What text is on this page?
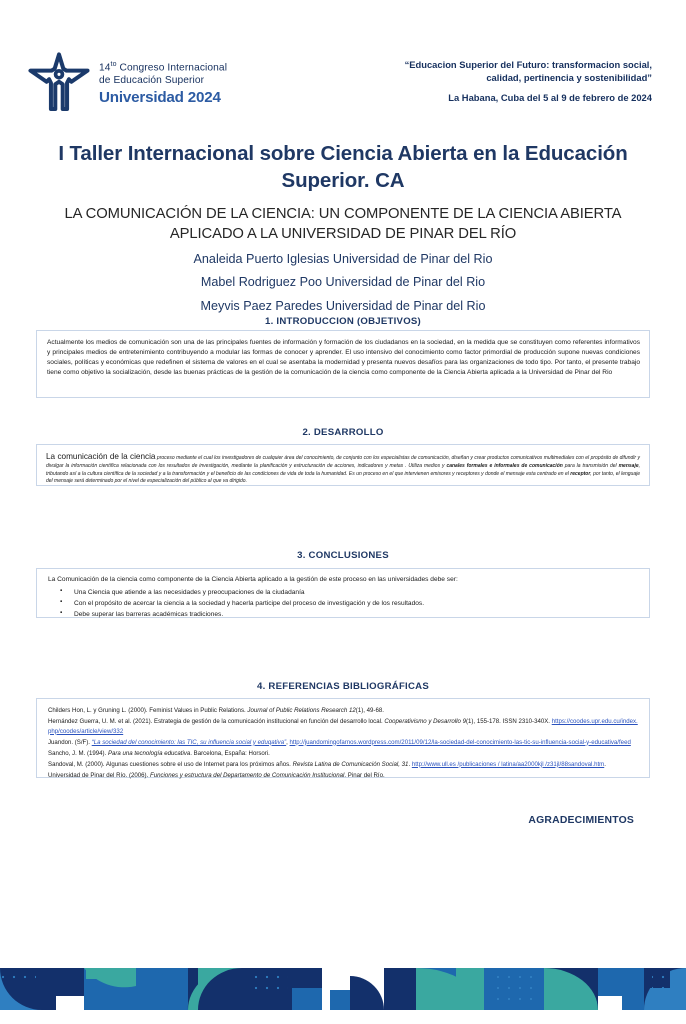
$14^{to}$ Congreso Internacional
de Educación Superior
Universidad 2024
“Educacion Superior del Futuro: transformacion social,
calidad, pertinencia y sostenibilidad”
La Habana, Cuba del 5 al 9 de febrero de 2024
I Taller Internacional sobre Ciencia Abierta en la Educación Superior. CA
LA COMUNICACIÓN DE LA CIENCIA: UN COMPONENTE DE LA CIENCIA ABIERTA APLICADO A LA UNIVERSIDAD DE PINAR DEL RÍO
Analeida Puerto Iglesias Universidad de Pinar del Rio
Mabel Rodriguez Poo Universidad de Pinar del Rio
Meyvis Paez Paredes Universidad de Pinar del Rio
1. INTRODUCCION (OBJETIVOS)
Actualmente los medios de comunicación son una de las principales fuentes de información y formación de los ciudadanos en la sociedad, en la medida que se constituyen como referentes informativos y principales medios de entretenimiento contribuyendo a modular las formas de conocer y aprender. El uso intensivo del conocimiento como factor primordial de producción supone nuevas condiciones sociales, políticas y económicas que redefinen el sistema de valores en el cual se asentaba la modernidad y presenta nuevos desafíos para las organizaciones de todo tipo. Por tanto, el presente trabajo tiene como objetivo la socialización, desde las buenas prácticas de la gestión de la comunicación de la ciencia como componente de la Ciencia Abierta aplicada a la Universidad de Pinar del Rio
2. DESARROLLO
La comunicación de la ciencia proceso mediante el cual los investigadores de cualquier área del conocimiento, de conjunto con los especialistas de comunicación, diseñan y crear productos comunicativos multimediales con el propósito de difundir y divulgar la información científica relacionada con los resultados de investigación, mediante la planificación y estructuración de acciones, indicadores y metas . Utiliza medios y canales formales e informales de comunicación para la transmisión del mensaje, tributando así a la cultura científica de la sociedad y a la transformación y el beneficio de las condiciones de vida de toda la humanidad. Es un proceso en el que intervienen emisores y receptores y donde el mensaje esta centrado en el receptor, por tanto, el lenguaje del mensaje será determinado por el nivel de especialización del público al que va dirigido.
3. CONCLUSIONES
La Comunicación de la ciencia como componente de la Ciencia Abierta aplicado a la gestión de este proceso en las universidades debe ser:
▪ Una Ciencia que atiende a las necesidades y preocupaciones de la ciudadanía
▪ Con el propósito de acercar la ciencia a la sociedad y hacerla participe del proceso de investigación y de los resultados.
▪ Debe superar las barreras académicas tradiciones.
4. REFERENCIAS BIBLIOGRÁFICAS
Childers Hon, L. y Gruning L. (2000). Feminist Values in Public Relations. Journal of Public Relations Research 12(1), 49-68.
Hernández Guerra, U. M. et al. (2021). Estrategia de gestión de la comunicación institucional en función del desarrollo local. Cooperativismo y Desarrollo 9(1), 155-178. ISSN 2310-340X. https://coodes.upr.edu.cu/index.php/coodes/article/view/332
Juandon. (S/F). “La sociedad del conocimiento: las TIC, su influencia social y eduqativa”, http://juandomingofarnos.wordpress.com/2011/09/12/la-sociedad-del-conocimiento-las-tic-su-influencia-social-y-educativa/feed
Sancho, J. M. (1994). Para una tecnología educativa. Barcelona, España: Horsori.
Sandoval, M. (2000). Algunas cuestiones sobre el uso de Internet para los próximos años. Revista Latina de Comunicación Social, 31. http://www.ull.es /publicaciones / latina/aa2000kjl /z31jl/88sandoval.htm.
Universidad de Pinar del Río. (2006). Funciones y estructura del Departamento de Comunicación Institucional. Pinar del Río.
AGRADECIMIENTOS
